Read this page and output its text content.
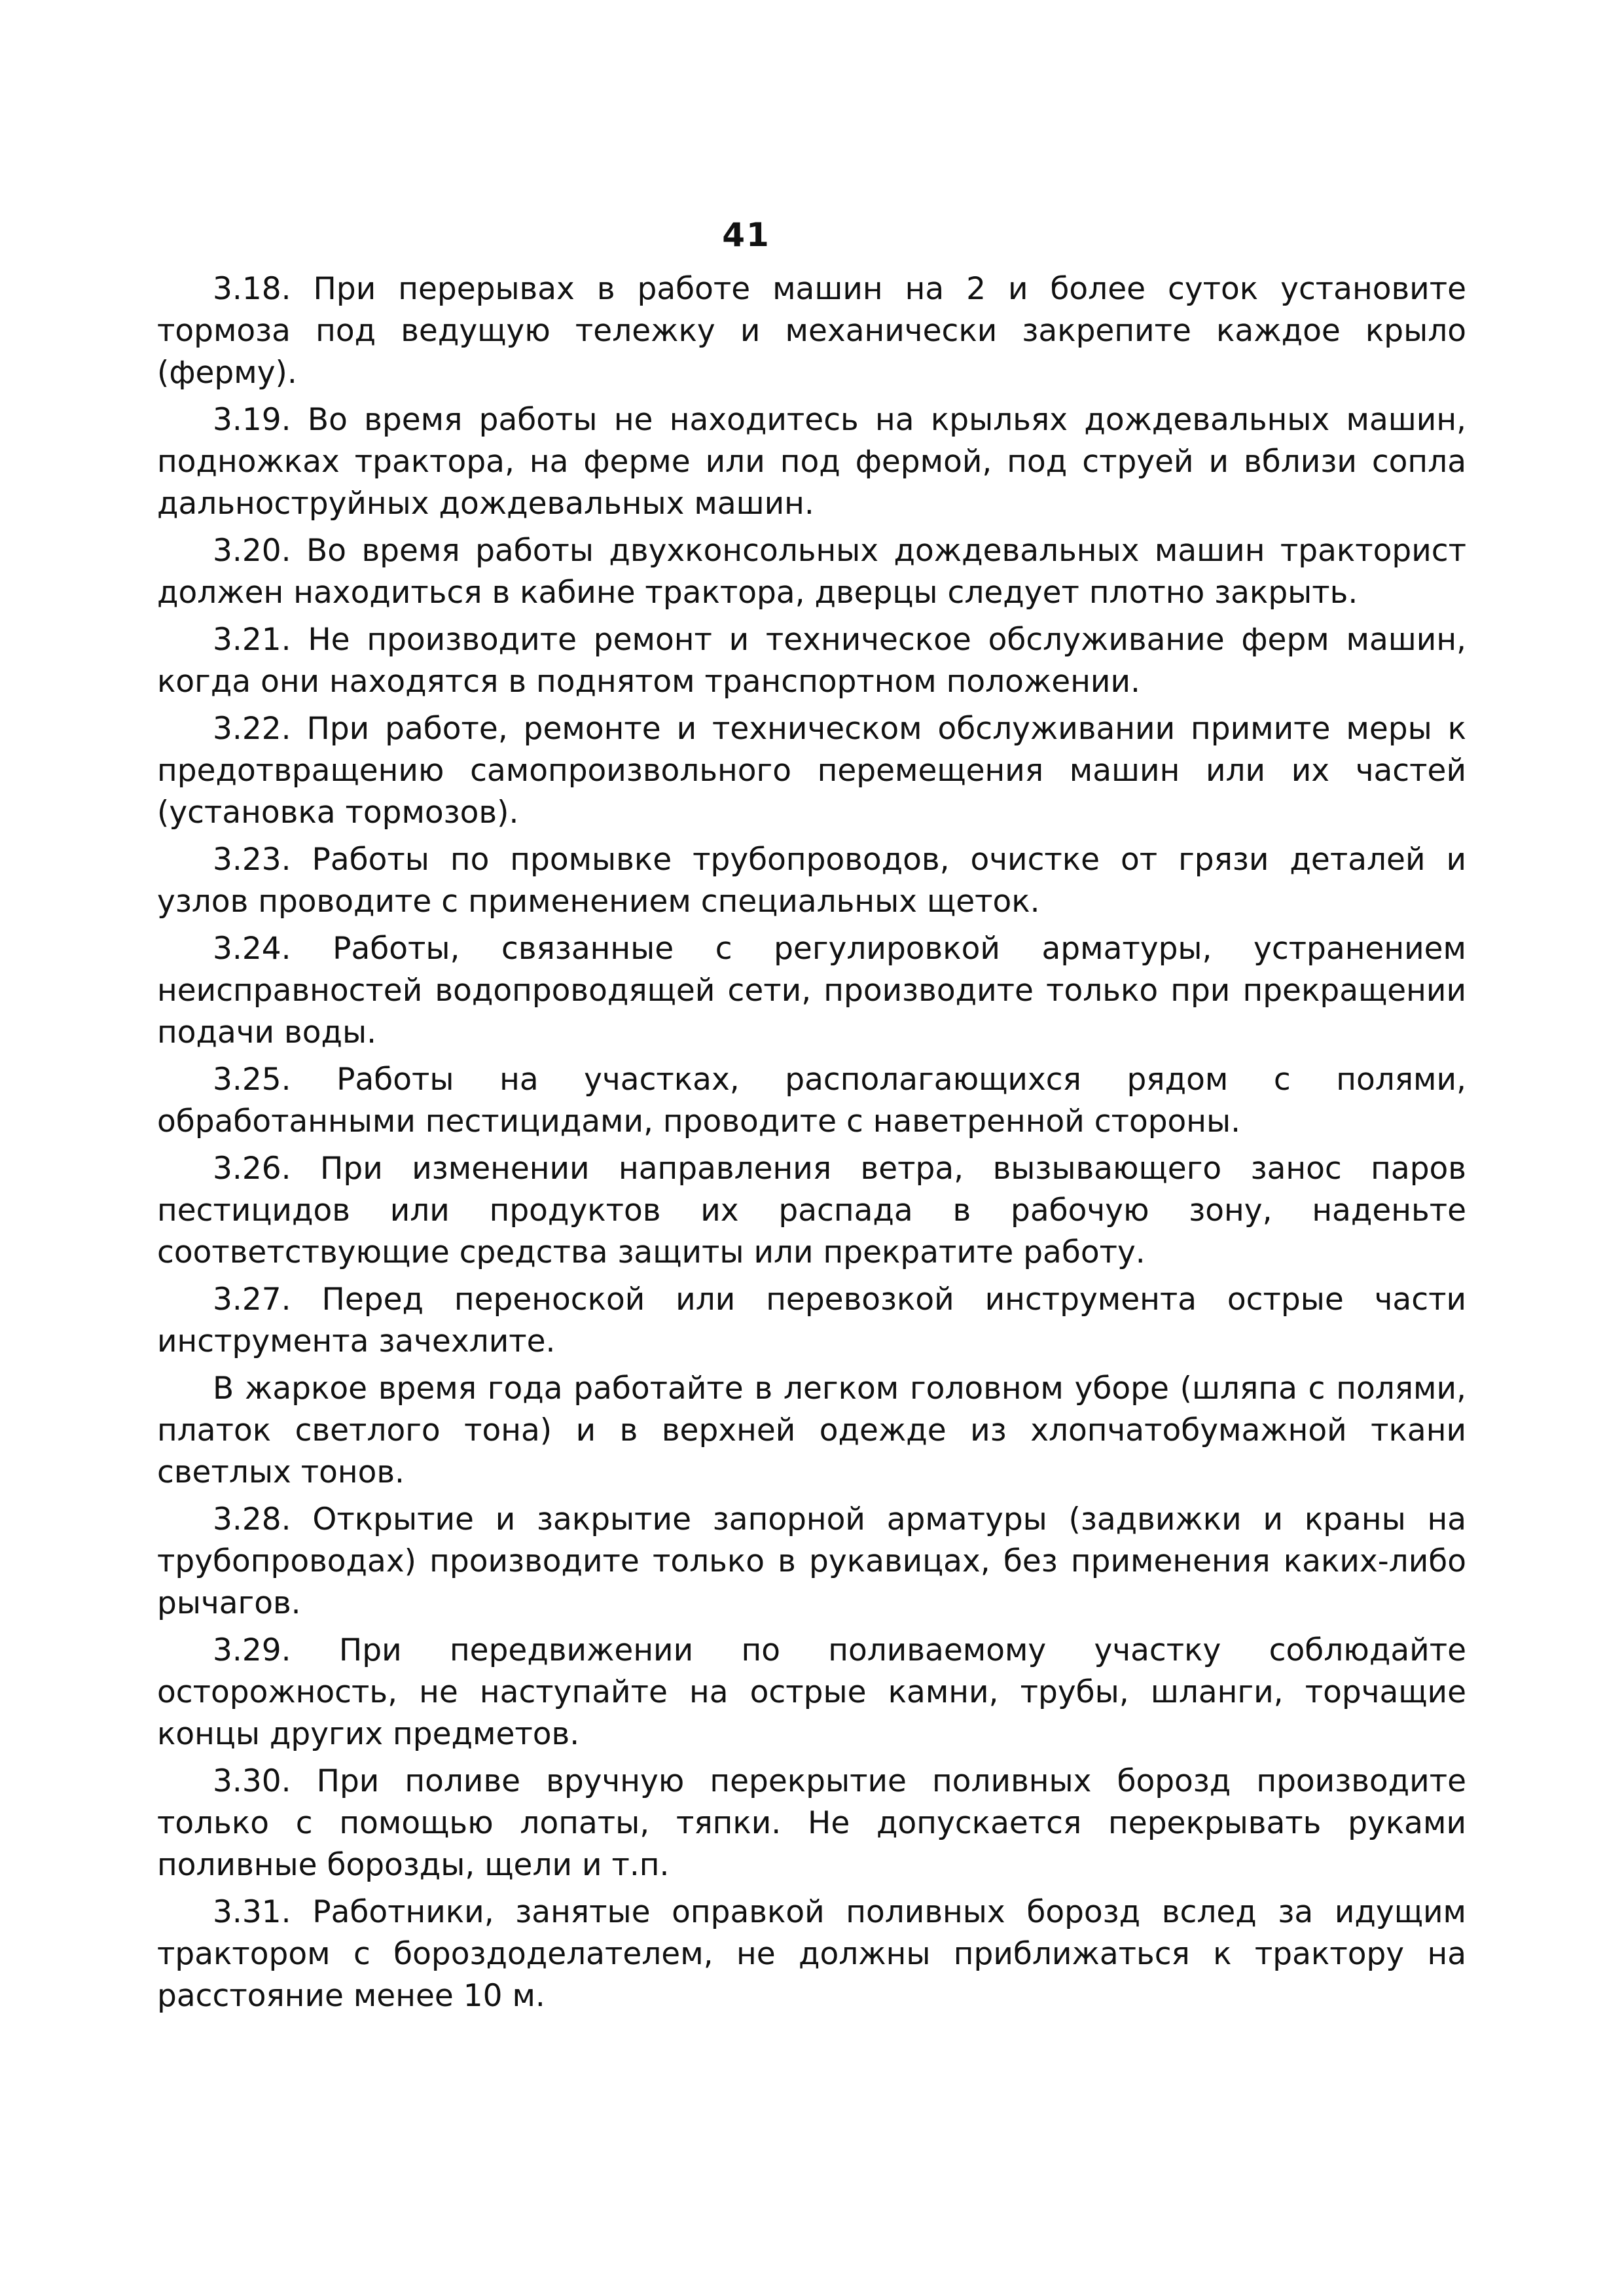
41

3.18. При перерывах в работе машин на 2 и более суток установите тормоза под ведущую тележку и механически закрепите каждое крыло (ферму).

3.19. Во время работы не находитесь на крыльях дождевальных машин, подножках трактора, на ферме или под фермой, под струей и вблизи сопла дальноструйных дождевальных машин.

3.20. Во время работы двухконсольных дождевальных машин тракторист должен находиться в кабине трактора, дверцы следует плотно закрыть.

3.21. Не производите ремонт и техническое обслуживание ферм машин, когда они находятся в поднятом транспортном положении.

3.22. При работе, ремонте и техническом обслуживании примите меры к предотвращению самопроизвольного перемещения машин или их частей (установка тормозов).

3.23. Работы по промывке трубопроводов, очистке от грязи деталей и узлов проводите с применением специальных щеток.

3.24. Работы, связанные с регулировкой арматуры, устранением неисправностей водопроводящей сети, производите только при прекращении подачи воды.

3.25. Работы на участках, располагающихся рядом с полями, обработанными пестицидами, проводите с наветренной стороны.

3.26. При изменении направления ветра, вызывающего занос паров пестицидов или продуктов их распада в рабочую зону, наденьте соответствующие средства защиты или прекратите работу.

3.27. Перед переноской или перевозкой инструмента острые части инструмента зачехлите.

В жаркое время года работайте в легком головном уборе (шляпа с полями, платок светлого тона) и в верхней одежде из хлопчатобумажной ткани светлых тонов.

3.28. Открытие и закрытие запорной арматуры (задвижки и краны на трубопроводах) производите только в рукавицах, без применения каких-либо рычагов.

3.29. При передвижении по поливаемому участку соблюдайте осторожность, не наступайте на острые камни, трубы, шланги, торчащие концы других предметов.

3.30. При поливе вручную перекрытие поливных борозд производите только с помощью лопаты, тяпки. Не допускается перекрывать руками поливные борозды, щели и т.п.

3.31. Работники, занятые оправкой поливных борозд вслед за идущим трактором с бороздоделателем, не должны приближаться к трактору на расстояние менее 10 м.
